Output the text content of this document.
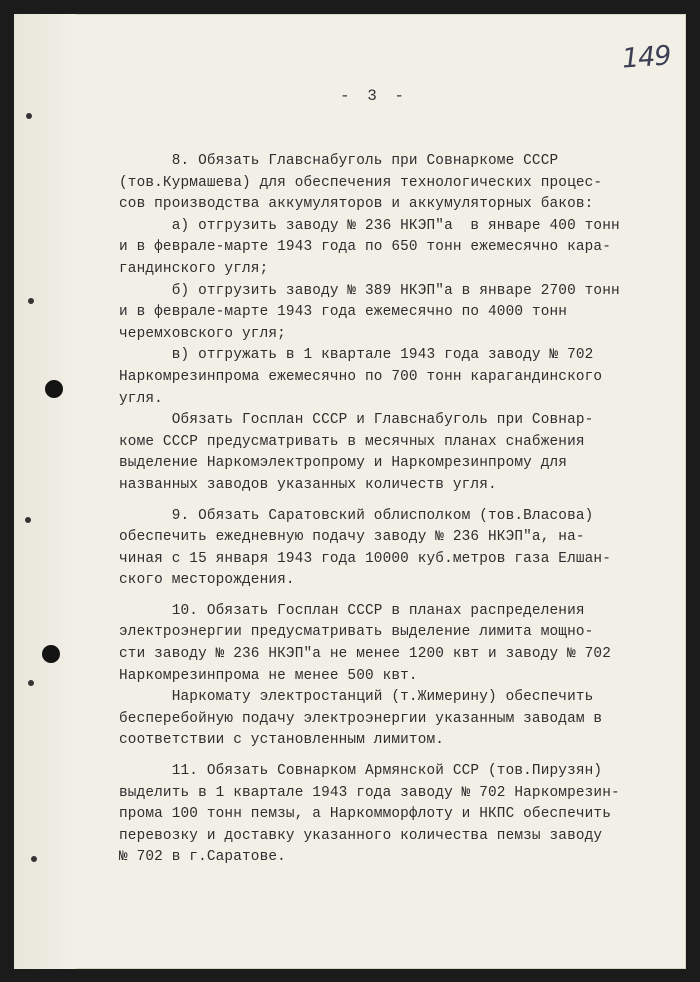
149
- 3 -
8. Обязать Главснабуголь при Совнаркоме СССР
(тов.Курмашева) для обеспечения технологических процес-
сов производства аккумуляторов и аккумуляторных баков:
а) отгрузить заводу № 236 НКЭП"а  в январе 400 тонн
и в феврале-марте 1943 года по 650 тонн ежемесячно кара-
гандинского угля;
б) отгрузить заводу № 389 НКЭП"а в январе 2700 тонн
и в феврале-марте 1943 года ежемесячно по 4000 тонн
черемховского угля;
в) отгружать в 1 квартале 1943 года заводу № 702
Наркомрезинпрома ежемесячно по 700 тонн карагандинского
угля.
Обязать Госплан СССР и Главснабуголь при Совнар-
коме СССР предусматривать в месячных планах снабжения
выделение Наркомэлектропрому и Наркомрезинпрому для
названных заводов указанных количеств угля.
9. Обязать Саратовский облисполком (тов.Власова)
обеспечить ежедневную подачу заводу № 236 НКЭП"а, на-
чиная с 15 января 1943 года 10000 куб.метров газа Елшан-
ского месторождения.
10. Обязать Госплан СССР в планах распределения
электроэнергии предусматривать выделение лимита мощно-
сти заводу № 236 НКЭП"а не менее 1200 квт и заводу № 702
Наркомрезинпрома не менее 500 квт.
Наркомату электростанций (т.Жимерину) обеспечить
бесперебойную подачу электроэнергии указанным заводам в
соответствии с установленным лимитом.
11. Обязать Совнарком Армянской ССР (тов.Пирузян)
выделить в 1 квартале 1943 года заводу № 702 Наркомрезин-
прома 100 тонн пемзы, а Наркомморфлоту и НКПС обеспечить
перевозку и доставку указанного количества пемзы заводу
№ 702 в г.Саратове.
